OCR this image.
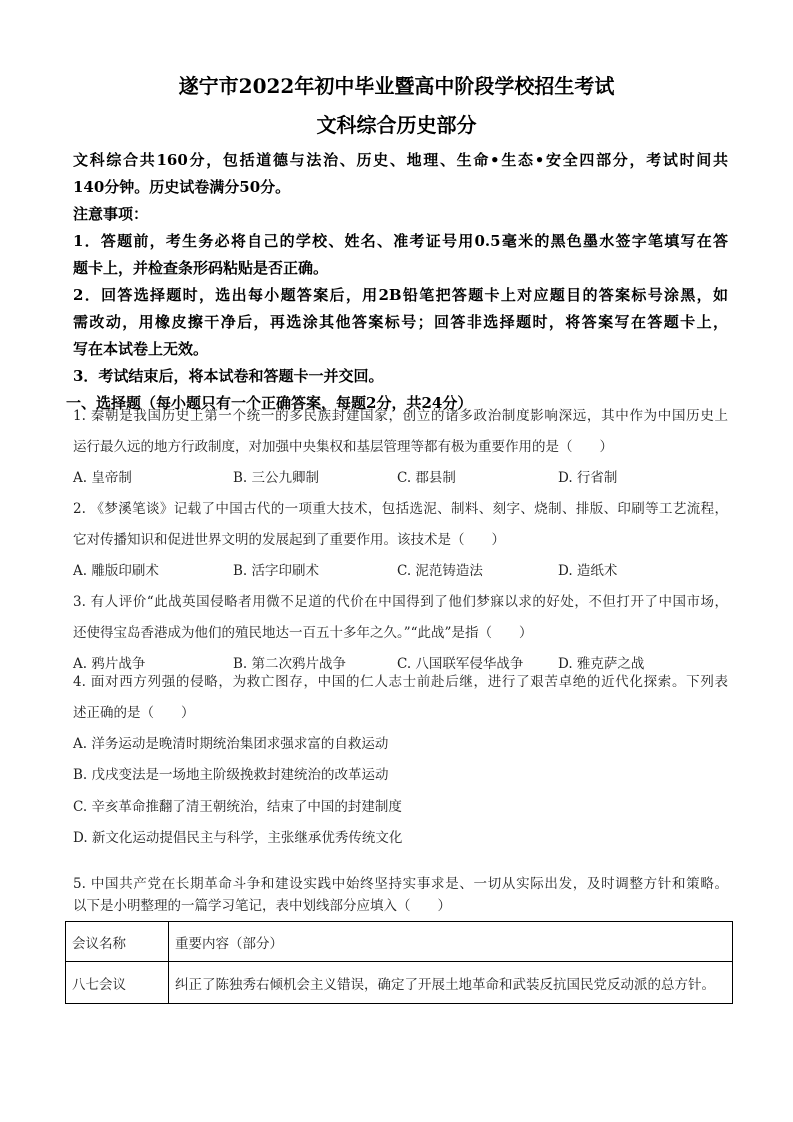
遂宁市2022年初中毕业暨高中阶段学校招生考试
文科综合历史部分
文科综合共160分，包括道德与法治、历史、地理、生命•生态•安全四部分，考试时间共
140分钟。历史试卷满分50分。
注意事项：
1．答题前，考生务必将自己的学校、姓名、准考证号用0.5毫米的黑色墨水签字笔填写在答
题卡上，并检查条形码粘贴是否正确。
2．回答选择题时，选出每小题答案后，用2B铅笔把答题卡上对应题目的答案标号涂黑，如
需改动，用橡皮擦干净后，再选涂其他答案标号；回答非选择题时，将答案写在答题卡上，
写在本试卷上无效。
3．考试结束后，将本试卷和答题卡一并交回。
一、选择题（每小题只有一个正确答案，每题2分，共24分）
1. 秦朝是我国历史上第一个统一的多民族封建国家，创立的诸多政治制度影响深远，其中作为中国历史上
运行最久远的地方行政制度，对加强中央集权和基层管理等都有极为重要作用的是（　　）
A. 皇帝制	B. 三公九卿制	C. 郡县制	D. 行省制
2. 《梦溪笔谈》记载了中国古代的一项重大技术，包括选泥、制料、刻字、烧制、排版、印刷等工艺流程，
它对传播知识和促进世界文明的发展起到了重要作用。该技术是（　　）
A. 雕版印刷术	B. 活字印刷术	C. 泥范铸造法	D. 造纸术
3. 有人评价“此战英国侵略者用微不足道的代价在中国得到了他们梦寐以求的好处，不但打开了中国市场，
还使得宝岛香港成为他们的殖民地达一百五十多年之久。”“此战”是指（　　）
A. 鸦片战争	B. 第二次鸦片战争	C. 八国联军侵华战争	D. 雅克萨之战
4. 面对西方列强的侵略，为救亡图存，中国的仁人志士前赴后继，进行了艰苦卓绝的近代化探索。下列表
述正确的是（　　）
A. 洋务运动是晚清时期统治集团求强求富的自救运动
B. 戊戌变法是一场地主阶级挽救封建统治的改革运动
C. 辛亥革命推翻了清王朝统治，结束了中国的封建制度
D. 新文化运动提倡民主与科学，主张继承优秀传统文化
5. 中国共产党在长期革命斗争和建设实践中始终坚持实事求是、一切从实际出发，及时调整方针和策略。
以下是小明整理的一篇学习笔记，表中划线部分应填入（　　）
会议名称	重要内容（部分）
八七会议	纠正了陈独秀右倾机会主义错误，确定了开展土地革命和武装反抗国民党反动派的总方针。
